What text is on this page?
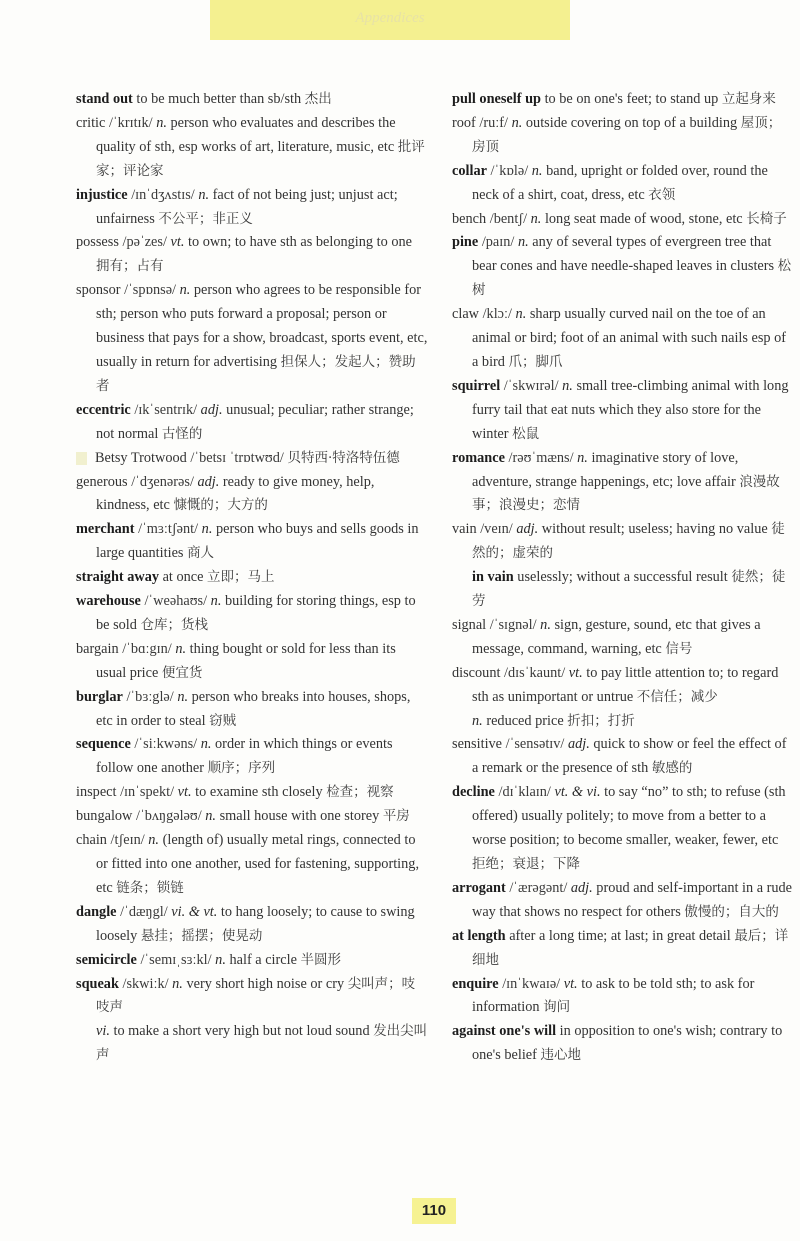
Appendices

stand out to be much better than sb/sth 杰出

critic /ˈkrɪtɪk/ n. person who evaluates and describes the quality of sth, esp works of art, literature, music, etc 批评家；评论家

injustice /ɪnˈdʒʌstɪs/ n. fact of not being just; unjust act; unfairness 不公平；非正义

possess /pəˈzes/ vt. to own; to have sth as belonging to one 拥有；占有

sponsor /ˈspɒnsə/ n. person who agrees to be responsible for sth; person who puts forward a proposal; person or business that pays for a show, broadcast, sports event, etc, usually in return for advertising 担保人；发起人；赞助者

eccentric /ɪkˈsentrɪk/ adj. unusual; peculiar; rather strange; not normal 古怪的

Betsy Trotwood /ˈbetsɪ ˈtrɒtwʊd/ 贝特西·特洛特伍德

generous /ˈdʒenərəs/ adj. ready to give money, help, kindness, etc 慷慨的；大方的

merchant /ˈmɜːtʃənt/ n. person who buys and sells goods in large quantities 商人

straight away at once 立即；马上

warehouse /ˈweəhaʊs/ n. building for storing things, esp to be sold 仓库；货栈

bargain /ˈbɑːgɪn/ n. thing bought or sold for less than its usual price 便宜货

burglar /ˈbɜːglə/ n. person who breaks into houses, shops, etc in order to steal 窃贼

sequence /ˈsiːkwəns/ n. order in which things or events follow one another 顺序；序列

inspect /ɪnˈspekt/ vt. to examine sth closely 检查；视察

bungalow /ˈbʌŋgələʊ/ n. small house with one storey 平房

chain /tʃeɪn/ n. (length of) usually metal rings, connected to or fitted into one another, used for fastening, supporting, etc 链条；锁链

dangle /ˈdæŋgl/ vi. & vt. to hang loosely; to cause to swing loosely 悬挂；摇摆；使晃动

semicircle /ˈsemɪˌsɜːkl/ n. half a circle 半圆形

squeak /skwiːk/ n. very short high noise or cry 尖叫声；吱吱声

vi. to make a short very high but not loud sound 发出尖叫声

pull oneself up to be on one's feet; to stand up 立起身来

roof /ruːf/ n. outside covering on top of a building 屋顶；房顶

collar /ˈkɒlə/ n. band, upright or folded over, round the neck of a shirt, coat, dress, etc 衣领

bench /bentʃ/ n. long seat made of wood, stone, etc 长椅子

pine /paɪn/ n. any of several types of evergreen tree that bear cones and have needle-shaped leaves in clusters 松树

claw /klɔː/ n. sharp usually curved nail on the toe of an animal or bird; foot of an animal with such nails esp of a bird 爪；脚爪

squirrel /ˈskwɪrəl/ n. small tree-climbing animal with long furry tail that eat nuts which they also store for the winter 松鼠

romance /rəʊˈmæns/ n. imaginative story of love, adventure, strange happenings, etc; love affair 浪漫故事；浪漫史；恋情

vain /veɪn/ adj. without result; useless; having no value 徒然的；虚荣的

in vain uselessly; without a successful result 徒然；徒劳

signal /ˈsɪgnəl/ n. sign, gesture, sound, etc that gives a message, command, warning, etc 信号

discount /dɪsˈkaunt/ vt. to pay little attention to; to regard sth as unimportant or untrue 不信任；减少

n. reduced price 折扣；打折

sensitive /ˈsensətɪv/ adj. quick to show or feel the effect of a remark or the presence of sth 敏感的

decline /dɪˈklaɪn/ vt. & vi. to say “no” to sth; to refuse (sth offered) usually politely; to move from a better to a worse position; to become smaller, weaker, fewer, etc 拒绝；衰退；下降

arrogant /ˈærəgənt/ adj. proud and self-important in a rude way that shows no respect for others 傲慢的；自大的

at length after a long time; at last; in great detail 最后；详细地

enquire /ɪnˈkwaɪə/ vt. to ask to be told sth; to ask for information 询问

against one's will in opposition to one's wish; contrary to one's belief 违心地

110
